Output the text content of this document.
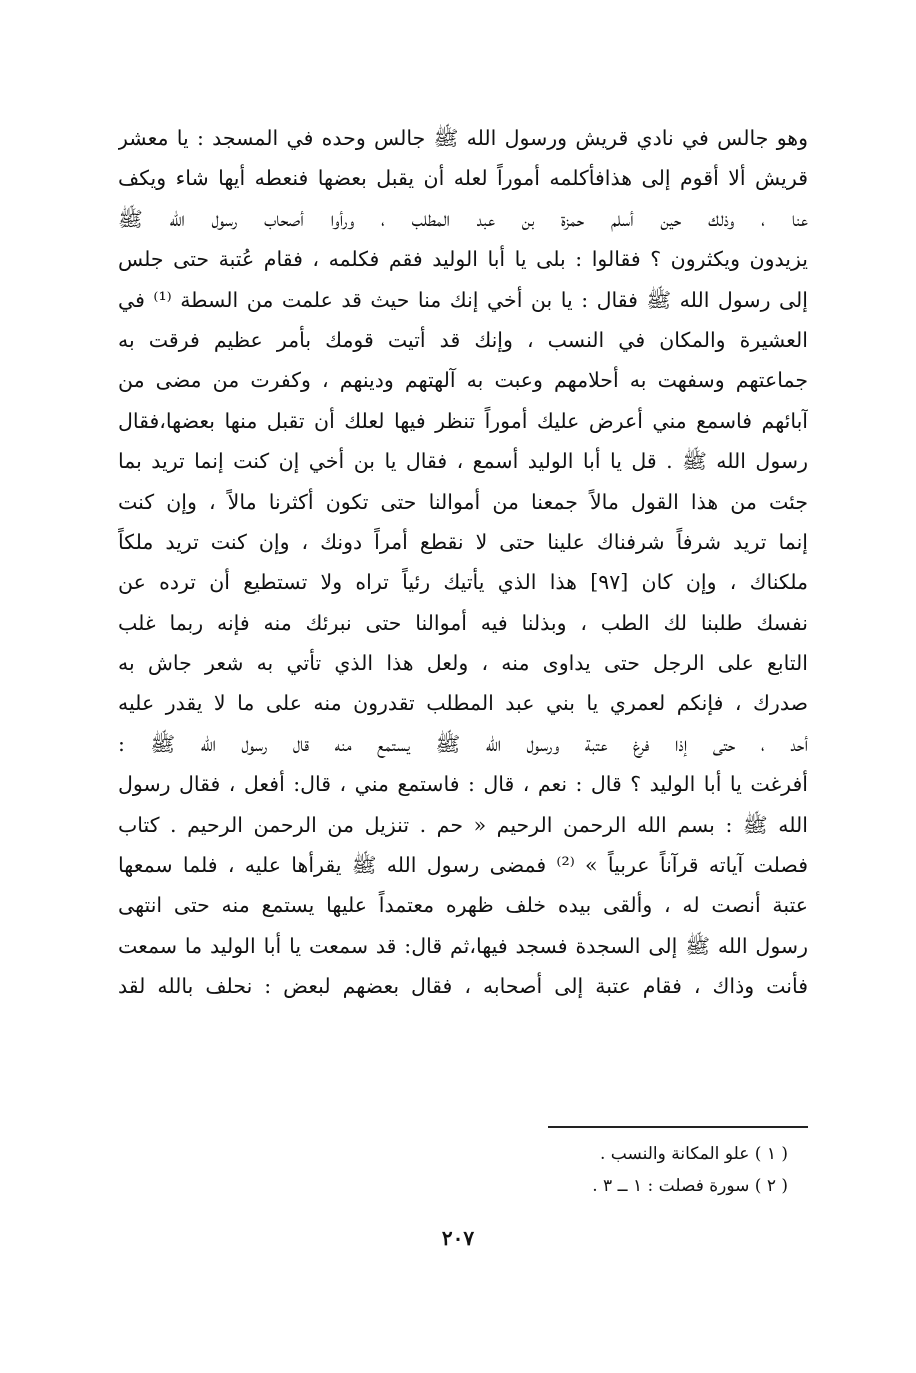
وهو جالس في نادي قريش ورسول الله ﷺ جالس وحده في المسجد : يا معشر
قريش ألا أقوم إلى هذافأكلمه أموراً لعله أن يقبل بعضها فنعطه أيها شاء ويكف
عنا ، وذلك حين أسلم حمزة بن عبد المطلب ، ورأوا أصحاب رسول الله ﷺ
يزيدون ويكثرون ؟ فقالوا : بلى يا أبا الوليد فقم فكلمه ، فقام عُتبة حتى جلس
إلى رسول الله ﷺ فقال : يا بن أخي إنك منا حيث قد علمت من السطة ⁽¹⁾ في
العشيرة والمكان في النسب ، وإنك قد أتيت قومك بأمر عظيم فرقت به
جماعتهم وسفهت به أحلامهم وعبت به آلهتهم ودينهم ، وكفرت من مضى من
آبائهم فاسمع مني أعرض عليك أموراً تنظر فيها لعلك أن تقبل منها بعضها،فقال
رسول الله ﷺ . قل يا أبا الوليد أسمع ، فقال يا بن أخي إن كنت إنما تريد بما
جئت من هذا القول مالاً جمعنا من أموالنا حتى تكون أكثرنا مالاً ، وإن كنت
إنما تريد شرفاً شرفناك علينا حتى لا نقطع أمراً دونك ، وإن كنت تريد ملكاً
ملكناك ، وإن كان [٩٧] هذا الذي يأتيك رئياً تراه ولا تستطيع أن ترده عن
نفسك طلبنا لك الطب ، وبذلنا فيه أموالنا حتى نبرئك منه فإنه ربما غلب
التابع على الرجل حتى يداوى منه ، ولعل هذا الذي تأتي به شعر جاش به
صدرك ، فإنكم لعمري يا بني عبد المطلب تقدرون منه على ما لا يقدر عليه
أحد ، حتى إذا فرغ عتبة ورسول الله ﷺ يستمع منه قال رسول الله ﷺ :
أفرغت يا أبا الوليد ؟ قال : نعم ، قال : فاستمع مني ، قال: أفعل ، فقال رسول
الله ﷺ : بسم الله الرحمن الرحيم « حم . تنزيل من الرحمن الرحيم . كتاب
فصلت آياته قرآناً عربياً » ⁽²⁾ فمضى رسول الله ﷺ يقرأها عليه ، فلما سمعها
عتبة أنصت له ، وألقى بيده خلف ظهره معتمداً عليها يستمع منه حتى انتهى
رسول الله ﷺ إلى السجدة فسجد فيها،ثم قال: قد سمعت يا أبا الوليد ما سمعت
فأنت وذاك ، فقام عتبة إلى أصحابه ، فقال بعضهم لبعض : نحلف بالله لقد
( ١ ) علو المكانة والنسب .
( ٢ ) سورة فصلت : ١ ــ ٣ .
٢٠٧
